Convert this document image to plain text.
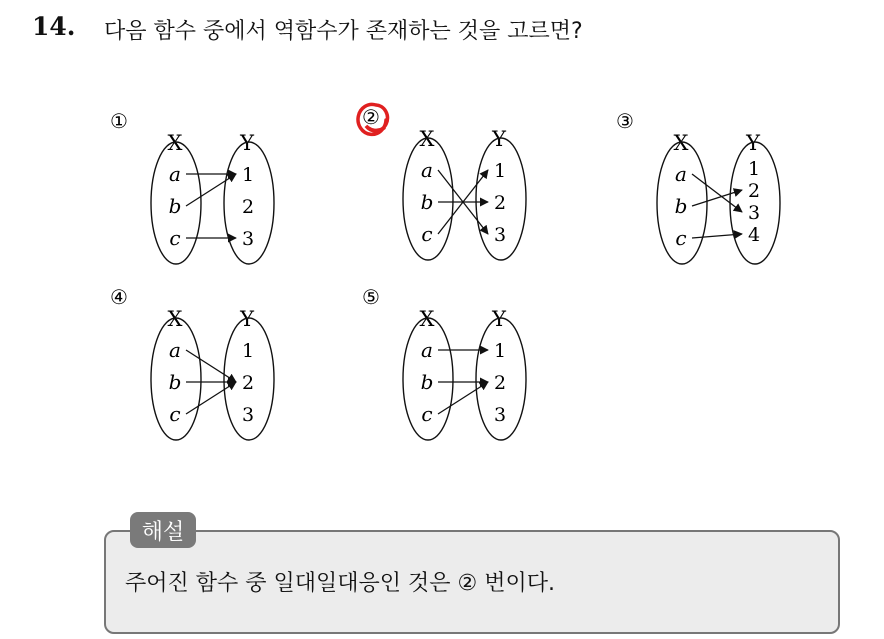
14. 다음 함수 중에서 역함수가 존재하는 것을 고르면?
①
X	Y
a
b
c
1
2
3
②
X	Y
a
b
c
1
2
3
③
X	Y
a
b
c
1
2
3
4
④
X	Y
a
b
c
1
2
3
⑤
X	Y
a
b
c
1
2
3
해설
주어진 함수 중 일대일대응인 것은 ② 번이다.
